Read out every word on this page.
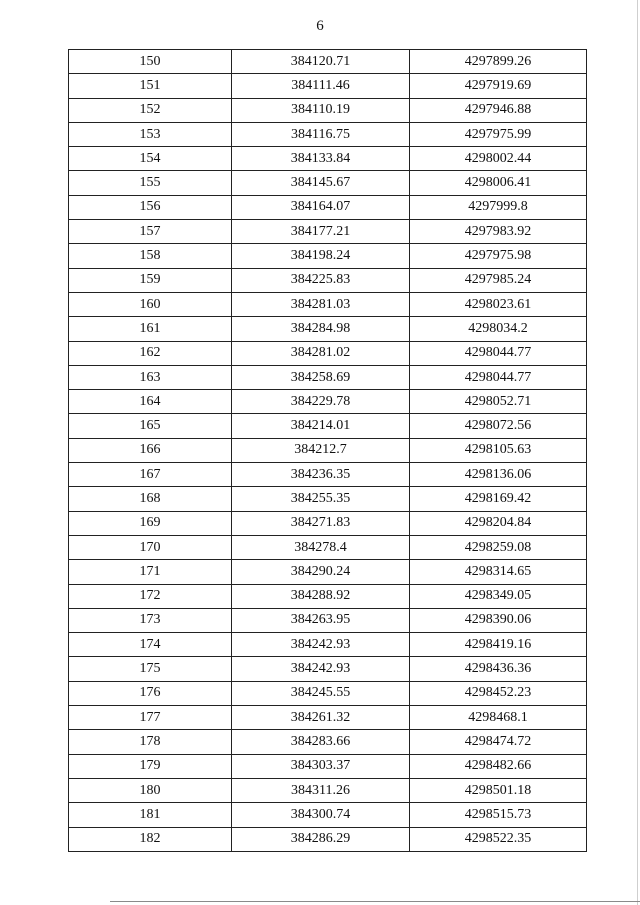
6
150	384120.71	4297899.26
151	384111.46	4297919.69
152	384110.19	4297946.88
153	384116.75	4297975.99
154	384133.84	4298002.44
155	384145.67	4298006.41
156	384164.07	4297999.8
157	384177.21	4297983.92
158	384198.24	4297975.98
159	384225.83	4297985.24
160	384281.03	4298023.61
161	384284.98	4298034.2
162	384281.02	4298044.77
163	384258.69	4298044.77
164	384229.78	4298052.71
165	384214.01	4298072.56
166	384212.7	4298105.63
167	384236.35	4298136.06
168	384255.35	4298169.42
169	384271.83	4298204.84
170	384278.4	4298259.08
171	384290.24	4298314.65
172	384288.92	4298349.05
173	384263.95	4298390.06
174	384242.93	4298419.16
175	384242.93	4298436.36
176	384245.55	4298452.23
177	384261.32	4298468.1
178	384283.66	4298474.72
179	384303.37	4298482.66
180	384311.26	4298501.18
181	384300.74	4298515.73
182	384286.29	4298522.35
